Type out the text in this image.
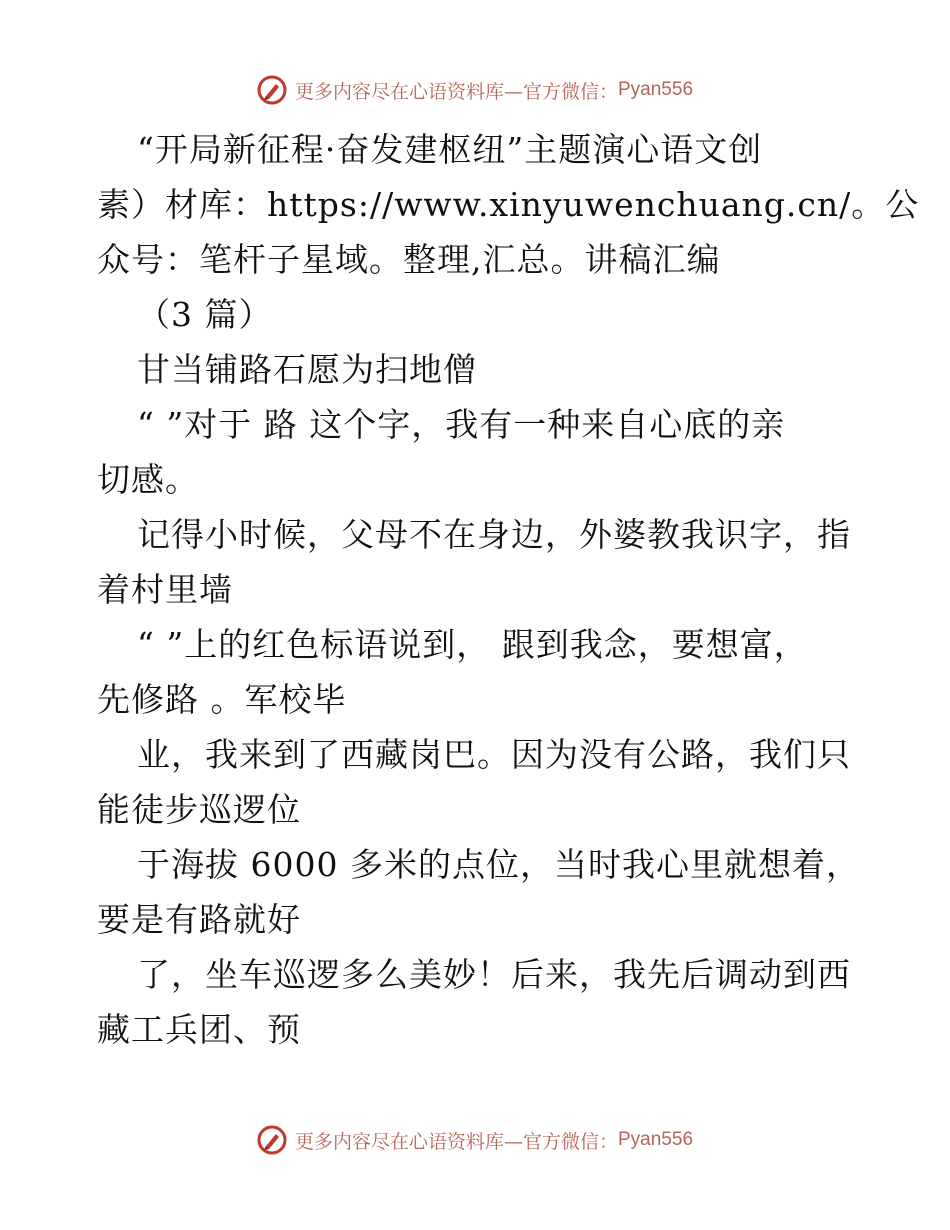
更多内容尽在心语资料库—官方微信： Pyan556
“开局新征程·奋发建枢纽”主题演心语文创
素）材库：https://www.xinyuwenchuang.cn/。公
众号：笔杆子星域。整理,汇总。讲稿汇编
（3 篇）
甘当铺路石愿为扫地僧
“ ”对于 路 这个字，我有一种来自心底的亲
切感。
记得小时候，父母不在身边，外婆教我识字，指
着村里墙
“ ”上的红色标语说到， 跟到我念，要想富，
先修路 。军校毕
业，我来到了西藏岗巴。因为没有公路，我们只
能徒步巡逻位
于海拔 6000 多米的点位，当时我心里就想着，
要是有路就好
了，坐车巡逻多么美妙！后来，我先后调动到西
藏工兵团、预
更多内容尽在心语资料库—官方微信： Pyan556
